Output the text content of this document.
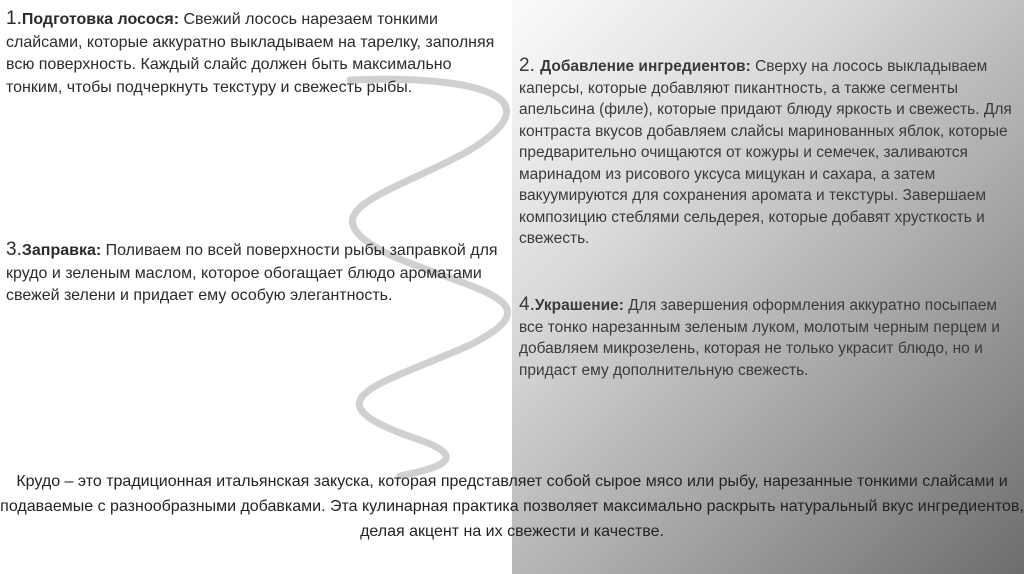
1.Подготовка лосося: Свежий лосось нарезаем тонкими слайсами, которые аккуратно выкладываем на тарелку, заполняя всю поверхность. Каждый слайс должен быть максимально тонким, чтобы подчеркнуть текстуру и свежесть рыбы.
2. Добавление ингредиентов: Сверху на лосось выкладываем каперсы, которые добавляют пикантность, а также сегменты апельсина (филе), которые придают блюду яркость и свежесть. Для контраста вкусов добавляем слайсы маринованных яблок, которые предварительно очищаются от кожуры и семечек, заливаются маринадом из рисового уксуса мицукан и сахара, а затем вакуумируются для сохранения аромата и текстуры. Завершаем композицию стеблями сельдерея, которые добавят хрусткость и свежесть.
3.Заправка: Поливаем по всей поверхности рыбы заправкой для крудо и зеленым маслом, которое обогащает блюдо ароматами свежей зелени и придает ему особую элегантность.	4.Украшение: Для завершения оформления аккуратно посыпаем все тонко нарезанным зеленым луком, молотым черным перцем и добавляем микрозелень, которая не только украсит блюдо, но и придаст ему дополнительную свежесть.
Крудо – это традиционная итальянская закуска, которая представляет собой сырое мясо или рыбу, нарезанные тонкими слайсами и подаваемые с разнообразными добавками. Эта кулинарная практика позволяет максимально раскрыть натуральный вкус ингредиентов, делая акцент на их свежести и качестве.
